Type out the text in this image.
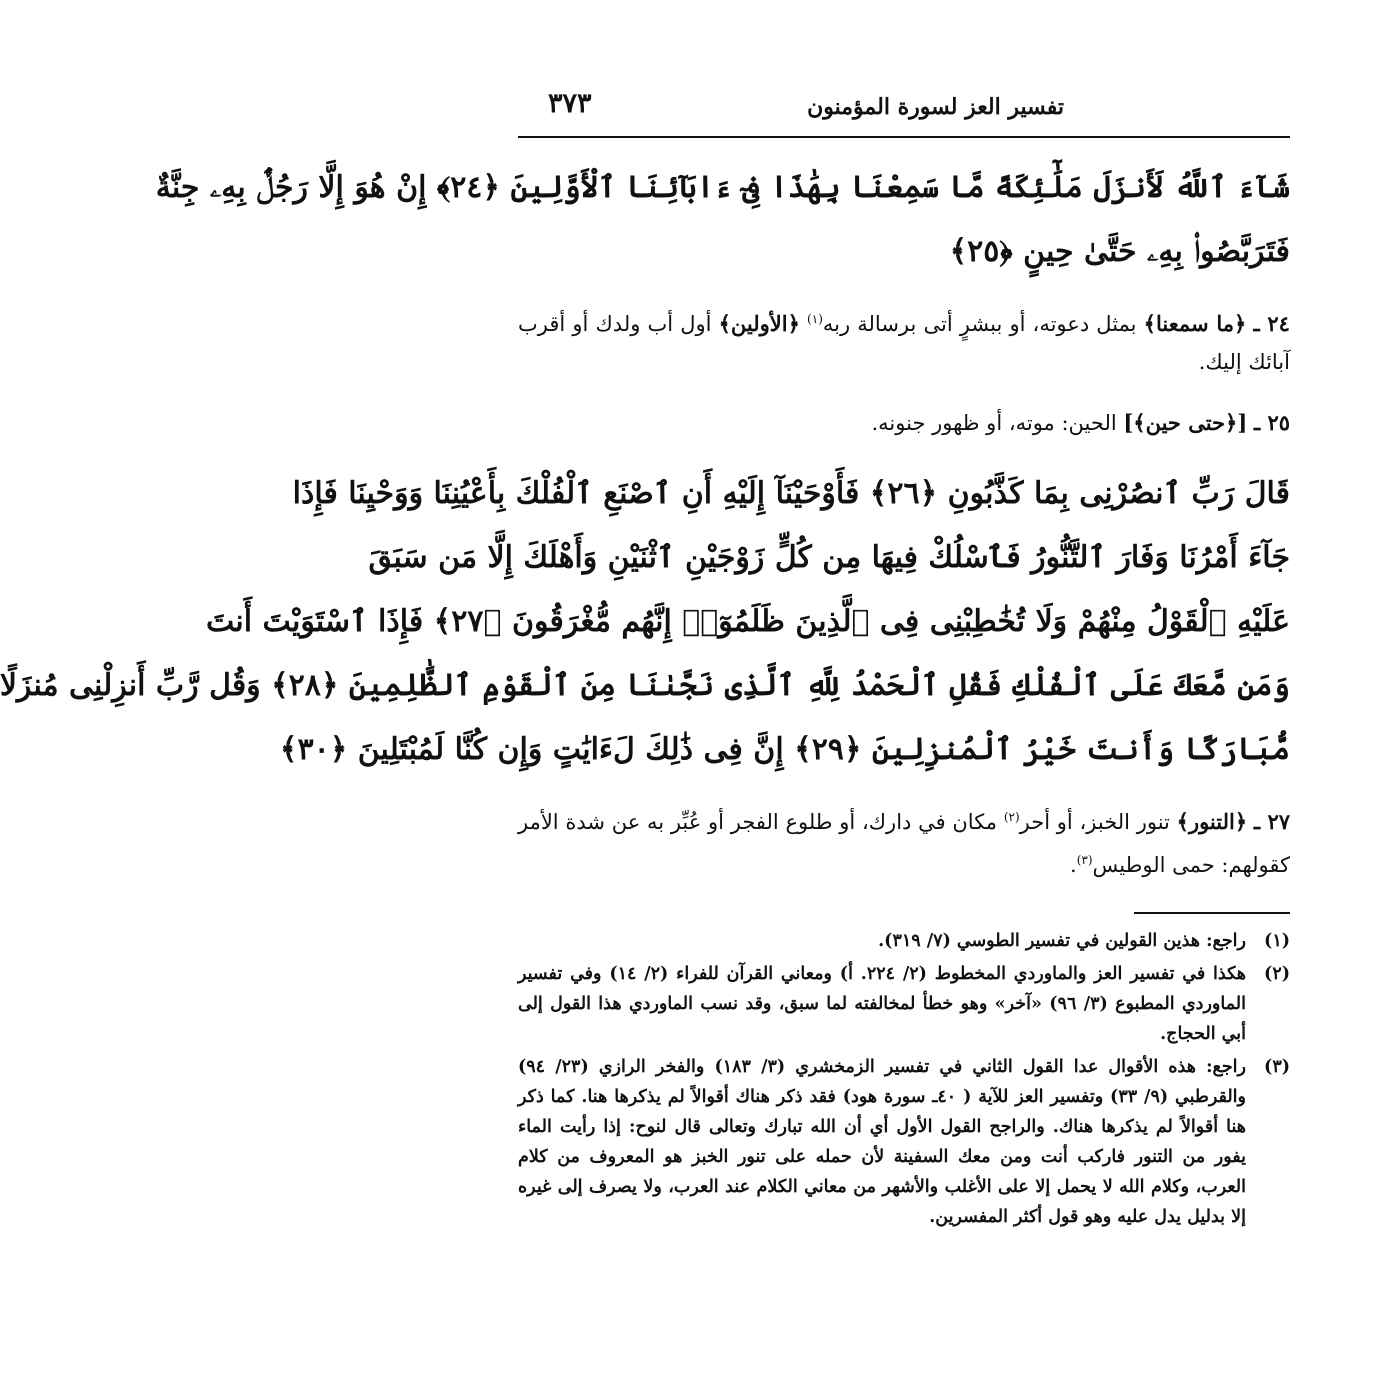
٣٧٣	تفسير العز لسورة المؤمنون
شَآءَ ٱللَّهُ لَأَنزَلَ مَلَٰٓئِكَةً مَّا سَمِعْنَا بِهَٰذَا فِىٓ ءَابَآئِنَا ٱلْأَوَّلِينَ ﴿٢٤﴾ إِنْ هُوَ إِلَّا رَجُلٌۢ بِهِۦ جِنَّةٌ
فَتَرَبَّصُوا۟ بِهِۦ حَتَّىٰ حِينٍ ﴿٢٥﴾
٢٤ ـ ﴿ما سمعنا﴾ بمثل دعوته، أو ببشرٍ أتى برسالة ربه$^{(١)}$ ﴿الأولين﴾ أول أب ولدك أو أقرب آبائك إليك.
٢٥ ـ [﴿حتى حين﴾] الحين: موته، أو ظهور جنونه.
قَالَ رَبِّ ٱنصُرْنِى بِمَا كَذَّبُونِ ﴿٢٦﴾ فَأَوْحَيْنَآ إِلَيْهِ أَنِ ٱصْنَعِ ٱلْفُلْكَ بِأَعْيُنِنَا وَوَحْيِنَا فَإِذَا
جَآءَ أَمْرُنَا وَفَارَ ٱلتَّنُّورُ فَٱسْلُكْ فِيهَا مِن كُلٍّ زَوْجَيْنِ ٱثْنَيْنِ وَأَهْلَكَ إِلَّا مَن سَبَقَ
عَلَيْهِ ٱلْقَوْلُ مِنْهُمْ وَلَا تُخَٰطِبْنِى فِى ٱلَّذِينَ ظَلَمُوٓا۟ إِنَّهُم مُّغْرَقُونَ ﴿٢٧﴾ فَإِذَا ٱسْتَوَيْتَ أَنتَ
وَمَن مَّعَكَ عَلَى ٱلْفُلْكِ فَقُلِ ٱلْحَمْدُ لِلَّهِ ٱلَّذِى نَجَّىٰنَا مِنَ ٱلْقَوْمِ ٱلظَّٰلِمِينَ ﴿٢٨﴾ وَقُل رَّبِّ أَنزِلْنِى مُنزَلًا
مُّبَارَكًا وَأَنتَ خَيْرُ ٱلْمُنزِلِينَ ﴿٢٩﴾ إِنَّ فِى ذَٰلِكَ لَءَايَٰتٍ وَإِن كُنَّا لَمُبْتَلِينَ ﴿٣٠﴾
٢٧ ـ ﴿التنور﴾ تنور الخبز، أو أحر$^{(٢)}$ مكان في دارك، أو طلوع الفجر أو عُبِّر به عن شدة الأمر كقولهم: حمى الوطيس$^{(٣)}$.
(١)
راجع: هذين القولين في تفسير الطوسي (٧/ ٣١٩).
(٢)
هكذا في تفسير العز والماوردي المخطوط (٢/ ٢٢٤. أ) ومعاني القرآن للفراء (٢/ ١٤) وفي تفسير الماوردي المطبوع (٣/ ٩٦) «آخر» وهو خطأ لمخالفته لما سبق، وقد نسب الماوردي هذا القول إلى أبي الحجاج.
(٣)
راجع: هذه الأقوال عدا القول الثاني في تفسير الزمخشري (٣/ ١٨٣) والفخر الرازي (٢٣/ ٩٤) والقرطبي (٩/ ٣٣) وتفسير العز للآية ( ٤٠ـ سورة هود) فقد ذكر هناك أقوالاً لم يذكرها هنا. كما ذكر هنا أقوالاً لم يذكرها هناك. والراجح القول الأول أي أن الله تبارك وتعالى قال لنوح: إذا رأيت الماء يفور من التنور فاركب أنت ومن معك السفينة لأن حمله على تنور الخبز هو المعروف من كلام العرب، وكلام الله لا يحمل إلا على الأغلب والأشهر من معاني الكلام عند العرب، ولا يصرف إلى غيره إلا بدليل يدل عليه وهو قول أكثر المفسرين.
